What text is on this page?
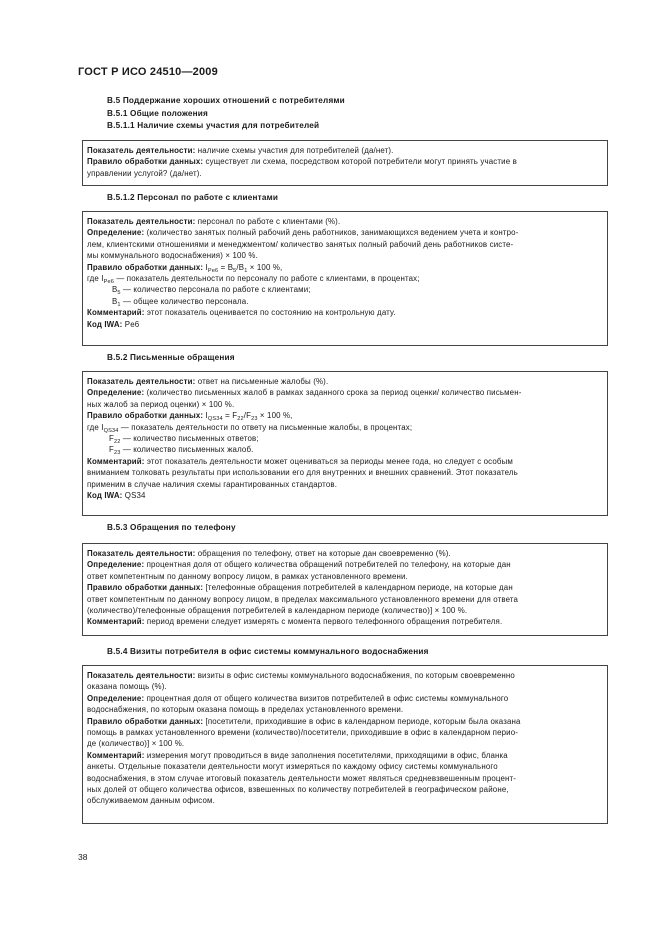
ГОСТ Р ИСО 24510—2009
В.5 Поддержание хороших отношений с потребителями
В.5.1 Общие положения
В.5.1.1 Наличие схемы участия для потребителей

Показатель деятельности: наличие схемы участия для потребителей (да/нет).

Правило обработки данных: существует ли схема, посредством которой потребители могут принять участие в

управлении услугой? (да/нет).

В.5.1.2 Персонал по работе с клиентами

Показатель деятельности: персонал по работе с клиентами (%).

Определение: (количество занятых полный рабочий день работников, занимающихся ведением учета и контро-

лем, клиентскими отношениями и менеджментом/ количество занятых полный рабочий день работников систе-

мы коммунального водоснабжения) × 100 %.

Правило обработки данных: $I_{Pe6} = B_5/B_1 \times 100$ %,

где $I_{Pe6}$ — показатель деятельности по персоналу по работе с клиентами, в процентах;

$B_5$ — количество персонала по работе с клиентами;

$B_1$ — общее количество персонала.

Комментарий: этот показатель оценивается по состоянию на контрольную дату.

Код IWA: Pe6

В.5.2 Письменные обращения

Показатель деятельности: ответ на письменные жалобы (%).

Определение: (количество письменных жалоб в рамках заданного срока за период оценки/ количество письмен-

ных жалоб за период оценки) × 100 %.

Правило обработки данных: $I_{QS34} = F_{22}/F_{23} \times 100$ %,

где $I_{QS34}$ — показатель деятельности по ответу на письменные жалобы, в процентах;

$F_{22}$ — количество письменных ответов;

$F_{23}$ — количество письменных жалоб.

Комментарий: этот показатель деятельности может оцениваться за периоды менее года, но следует с особым

вниманием толковать результаты при использовании его для внутренних и внешних сравнений. Этот показатель

применим в случае наличия схемы гарантированных стандартов.

Код IWA: QS34

В.5.3 Обращения по телефону

Показатель деятельности: обращения по телефону, ответ на которые дан своевременно (%).

Определение: процентная доля от общего количества обращений потребителей по телефону, на которые дан

ответ компетентным по данному вопросу лицом, в рамках установленного времени.

Правило обработки данных: [телефонные обращения потребителей в календарном периоде, на которые дан

ответ компетентным по данному вопросу лицом, в пределах максимального установленного времени для ответа

(количество)/телефонные обращения потребителей в календарном периоде (количество)] × 100 %.

Комментарий: период времени следует измерять с момента первого телефонного обращения потребителя.

В.5.4 Визиты потребителя в офис системы коммунального водоснабжения

Показатель деятельности: визиты в офис системы коммунального водоснабжения, по которым своевременно

оказана помощь (%).

Определение: процентная доля от общего количества визитов потребителей в офис системы коммунального

водоснабжения, по которым оказана помощь в пределах установленного времени.

Правило обработки данных: [посетители, приходившие в офис в календарном периоде, которым была оказана

помощь в рамках установленного времени (количество)/посетители, приходившие в офис в календарном перио-

де (количество)] × 100 %.

Комментарий: измерения могут проводиться в виде заполнения посетителями, приходящими в офис, бланка

анкеты. Отдельные показатели деятельности могут измеряться по каждому офису системы коммунального

водоснабжения, в этом случае итоговый показатель деятельности может являться средневзвешенным процент-

ных долей от общего количества офисов, взвешенных по количеству потребителей в географическом районе,

обслуживаемом данным офисом.

38
